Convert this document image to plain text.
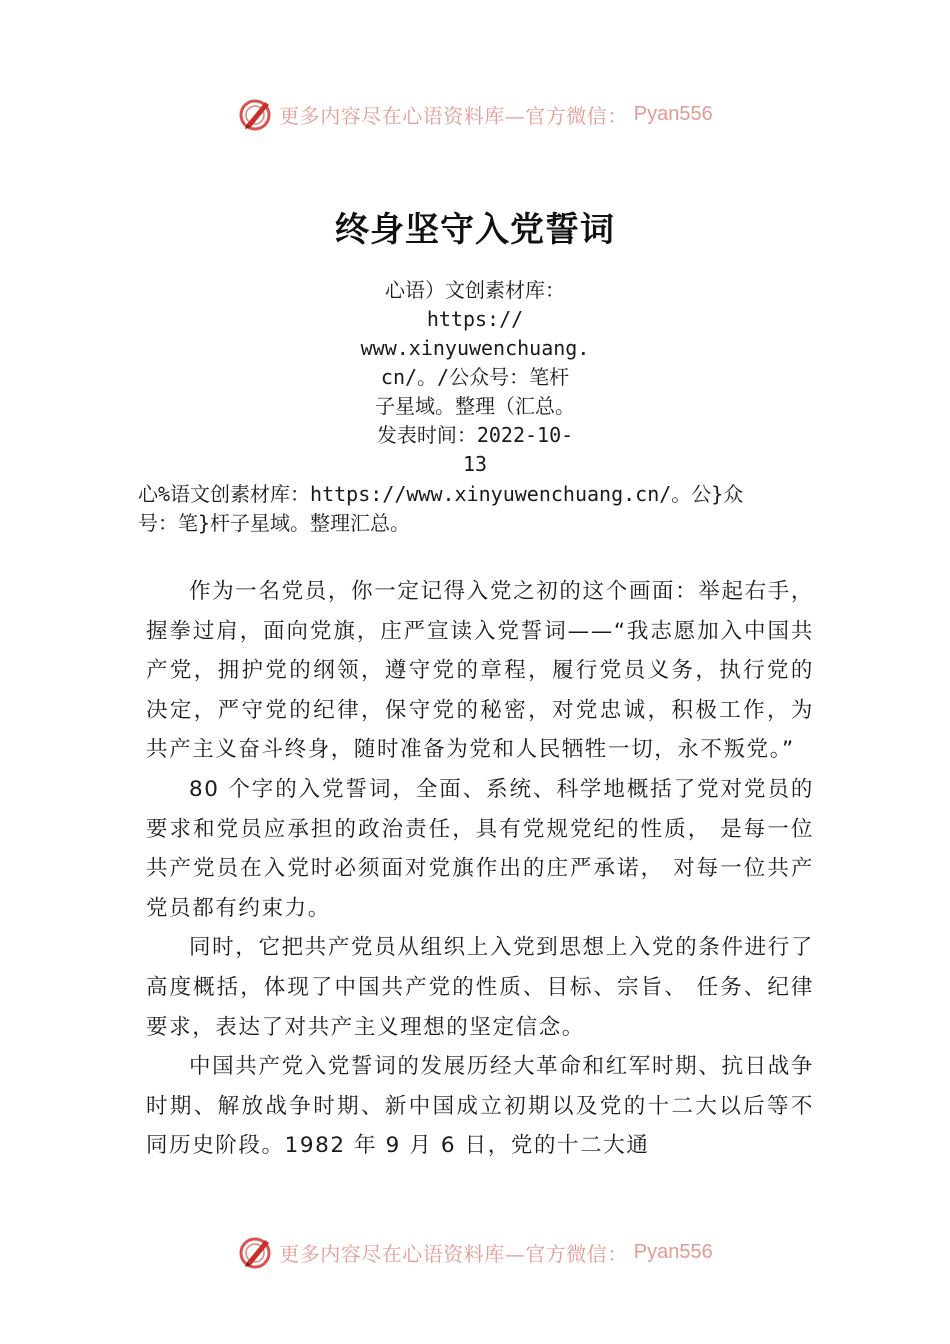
更多内容尽在心语资料库—官方微信： Pyan556
终身坚守入党誓词
心语）文创素材库：
https://
www.xinyuwenchuang.
cn/。/公众号：笔杆
子星域。整理（汇总。
发表时间：2022-10-
13
心%语文创素材库：https://www.xinyuwenchuang.cn/。公}众
号：笔}杆子星域。整理汇总。

作为一名党员，你一定记得入党之初的这个画面：举起右手，握拳过肩，面向党旗，庄严宣读入党誓词——“我志愿加入中国共产党，拥护党的纲领，遵守党的章程，履行党员义务，执行党的决定，严守党的纪律，保守党的秘密，对党忠诚，积极工作，为共产主义奋斗终身，随时准备为党和人民牺牲一切，永不叛党。”

80 个字的入党誓词，全面、系统、科学地概括了党对党员的要求和党员应承担的政治责任，具有党规党纪的性质， 是每一位共产党员在入党时必须面对党旗作出的庄严承诺， 对每一位共产党员都有约束力。

同时，它把共产党员从组织上入党到思想上入党的条件进行了高度概括，体现了中国共产党的性质、目标、宗旨、 任务、纪律要求，表达了对共产主义理想的坚定信念。

中国共产党入党誓词的发展历经大革命和红军时期、抗日战争时期、解放战争时期、新中国成立初期以及党的十二大以后等不同历史阶段。1982 年 9 月 6 日，党的十二大通

更多内容尽在心语资料库—官方微信： Pyan556
